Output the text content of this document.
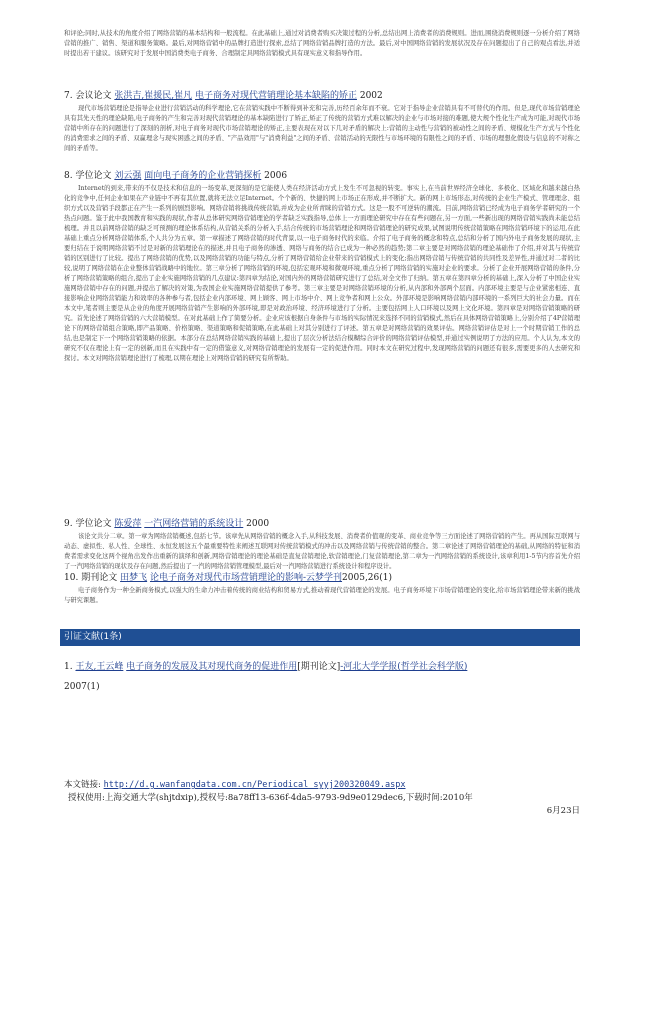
和评论;同时,从技术的角度介绍了网络营销的基本结构和一般流程。在此基础上,通过对消费者购买决策过程的分析,总结出网上消费者的消费规则。进而,围绕消费规则逐一分析介绍了网络营销的推广、销售、渠道和服务策略。最后,对网络营销中的品牌打造进行探索,总结了网络营销品牌打造的方法。最后,对中国网络营销的发展状况及存在问题提出了自己的观点看法,并适时提出若干建议。该研究对于发展中国消费类电子商务、合理制定具网络营销模式具有现实意义和指导作用。

7. 会议论文 张洪吉,崔援民,崔凡 电子商务对现代营销理论基本缺陷的矫正 2002

现代市场营销理论是指导企业进行营销活动的科学理论,它在营销实践中不断得到补充和完善,历经百余年而不衰。它对于指导企业营销具有不可替代的作用。但是,现代市场营销理论具有其先天性的理论缺陷,电子商务的产生和完善对现代营销理论的基本缺陷进行了矫正,矫正了传统的营销方式难以解决的企业与市场对接的难题,使大规个性化生产成为可能,对现代市场营销中所存在的问题进行了深刻的剖析,对电子商务对现代市场营销理论的矫正,主要表现在对以下几对矛盾的解决上:营销的主动性与营销的被动性之间的矛盾、规模化生产方式与个性化的消费需求之间的矛盾、双赢理念与现实困惑之间的矛盾、"产品效用"与"消费利益"之间的矛盾、营销活动的无限性与市场环境的有限性之间的矛盾、市场的理想化假设与信息的不对称之间的矛盾等。

8. 学位论文 刘云强 面向电子商务的企业营销探析 2006

Internet的到来,带来的不仅是技术和信息的一场变革,更深刻的是它能使人类在经济活动方式上发生不可忽视的转变。事实上,在当前世界经济全球化、多极化、区域化和越来越白热化的竞争中,任何企业如果在产业链中不再有其位置,就将无法立足Internet。个个新的、快捷的网上市场正在形成,并不断扩大。新的网上市场形态,对传统的企业生产模式、管理理念、组织方式以及营销手段都正在产生一系列的剧烈影响。网络营销将挑战传统营销,并成为企业所青睐的营销方式。这是一股不可逆转的潮流。目前,网络营销已经成为电子商务学者研究的一个热点问题。鉴于此中我国教育和实践的现状,作者从总体研究网络营销理论的学者缺乏实践指导,总体上一方面理论研究中存在有些问题在,另一方面,一些新出现的网络营销实践尚未能总结梳理。并且以前网络营销的缺乏可预测的理论体系结构,从营销关系的分析入手,结合传统的市场营销理论和网络营销理论的研究成果,试图说明传统营销策略在网络营销环境下的运用,在此基础上重点分析网络营销体系,个人共分为五章。第一章描述了网络营销的时代背景,以一电子商务时代的来临。介绍了电子商务的概念和特点,总结和分析了国内外电子商务发展的现状,主要归结在于说明网络营销不过是对新的营销理论在的描述,并且电子商务的渗透、网络与商务的结合已成为一种必然的趋势;第二章主要是对网络营销的理论基础作了介绍,并对其与传统营销的区别进行了比较。提出了网络营销的优势,以及网络营销的功能与特点,分析了网络营销给企业带来的营销模式上的变化;指出网络营销与传统营销的共同性及差异性,并通过对二者的比较,说明了网络营销在企业整体营销战略中的地位。第三章分析了网络营销的环境,包括宏观环境和微观环境,重点分析了网络营销的实施对企业的要求。分析了企业开展网络营销的条件,分析了网络营销策略的组合,提出了企业实施网络营销的几点建议:第四章为结论,对国内外的网络营销研究进行了总结,对全文作了归纳。第五章在第四章分析的基础上,深入分析了中国企业实施网络营销中存在的问题,并提出了解决的对策,为我国企业实施网络营销提供了参考。第三章主要是对网络营销环境的分析,从内部和外部两个层面。内部环境主要是与企业紧密相连、直接影响企业网络营销能力和效率的各种参与者,包括企业内部环境、网上顾客、网上市场中介、网上竞争者和网上公众。外部环境是影响网络营销内部环境的一系列巨大的社会力量。而在本文中,笔者则主要是从企业的角度开展网络营销产生影响的外部环境,即是对政治环境、经济环境进行了分析。主要包括网上人口环境以及网上文化环境。第四章是对网络营销策略的研究。首先论述了网络营销的六大营销模型。在对此基础上作了简要分析。企业应该根据自身条件与市场的实际情况来选择不同的营销模式,然后在具体网络营销策略上,分别介绍了4P营销理论下的网络营销组合策略,即产品策略、价格策略、渠道策略和促销策略,在此基础上对其分别进行了评述。第五章是对网络营销的效果评估。网络营销评估是对上一个时期营销工作的总结,也是制定下一个网络营销策略的依据。本部分在总结网络营销实践的基础上,提出了层次分析法结合模糊综合评价的网络营销评估模型,并通过实例说明了方法的应用。个人认为,本文的研究不仅在理论上有一定的创新,而且在实践中有一定的借鉴意义,对网络营销理论的发展有一定的促进作用。同时本文在研究过程中,发现网络营销的问题还有很多,需要更多的人去研究和探讨。本文对网络营销理论进行了梳理,以期在理论上对网络营销的研究有所帮助。

9. 学位论文 陈爱萍 一汽网络营销的系统设计 2000

该论文共分二章。第一章为网络营销概述,包括七节。该章先从网络营销的概念入手,从科技发展、消费者价值观的变革、商业竞争等三方面论述了网络营销的产生。再从国际互联网与动态、虚拟性、私人性、全球性、永恒发展这五个最重要特性来阐述互联网对传统营销模式的冲击以及网络营销与传统营销的整合。第二章论述了网络营销理论的基础,从网络的特征和消费者需求变化这两个视角出发作出重新的演绎和创新,网络营销理论的理论基础是直复营销理论,软营销理论,门复营销理论,第二章为一汽网络营销的系统设计,该章利用1-5节内容首先介绍了一汽网络营销的现状及存在问题,然后提出了一汽的网络营销管理模型,最后对一汽网络营销进行系统设计和程序设计。

10. 期刊论文 田梦飞 论电子商务对现代市场营销理论的影响-云梦学刊2005,26(1)

电子商务作为一种全新商务模式,以强大的生命力冲击着传统的商业结构和贸易方式,推动着现代营销理论的发展。电子商务环境下市场营销理论的变化,给市场营销理论带来新的挑战与研究课题。

引证文献(1条)
1. 王友,王云峰 电子商务的发展及其对现代商务的促进作用[期刊论文]-河北大学学报(哲学社会科学版)
2007(1)
本文链接: http://d.g.wanfangdata.com.cn/Periodical_syyj200320049.aspx
授权使用:上海交通大学(shjtdxip),授权号:8a78ff13-636f-4da5-9793-9d9e0129dec6,下载时间:2010年
6月23日
